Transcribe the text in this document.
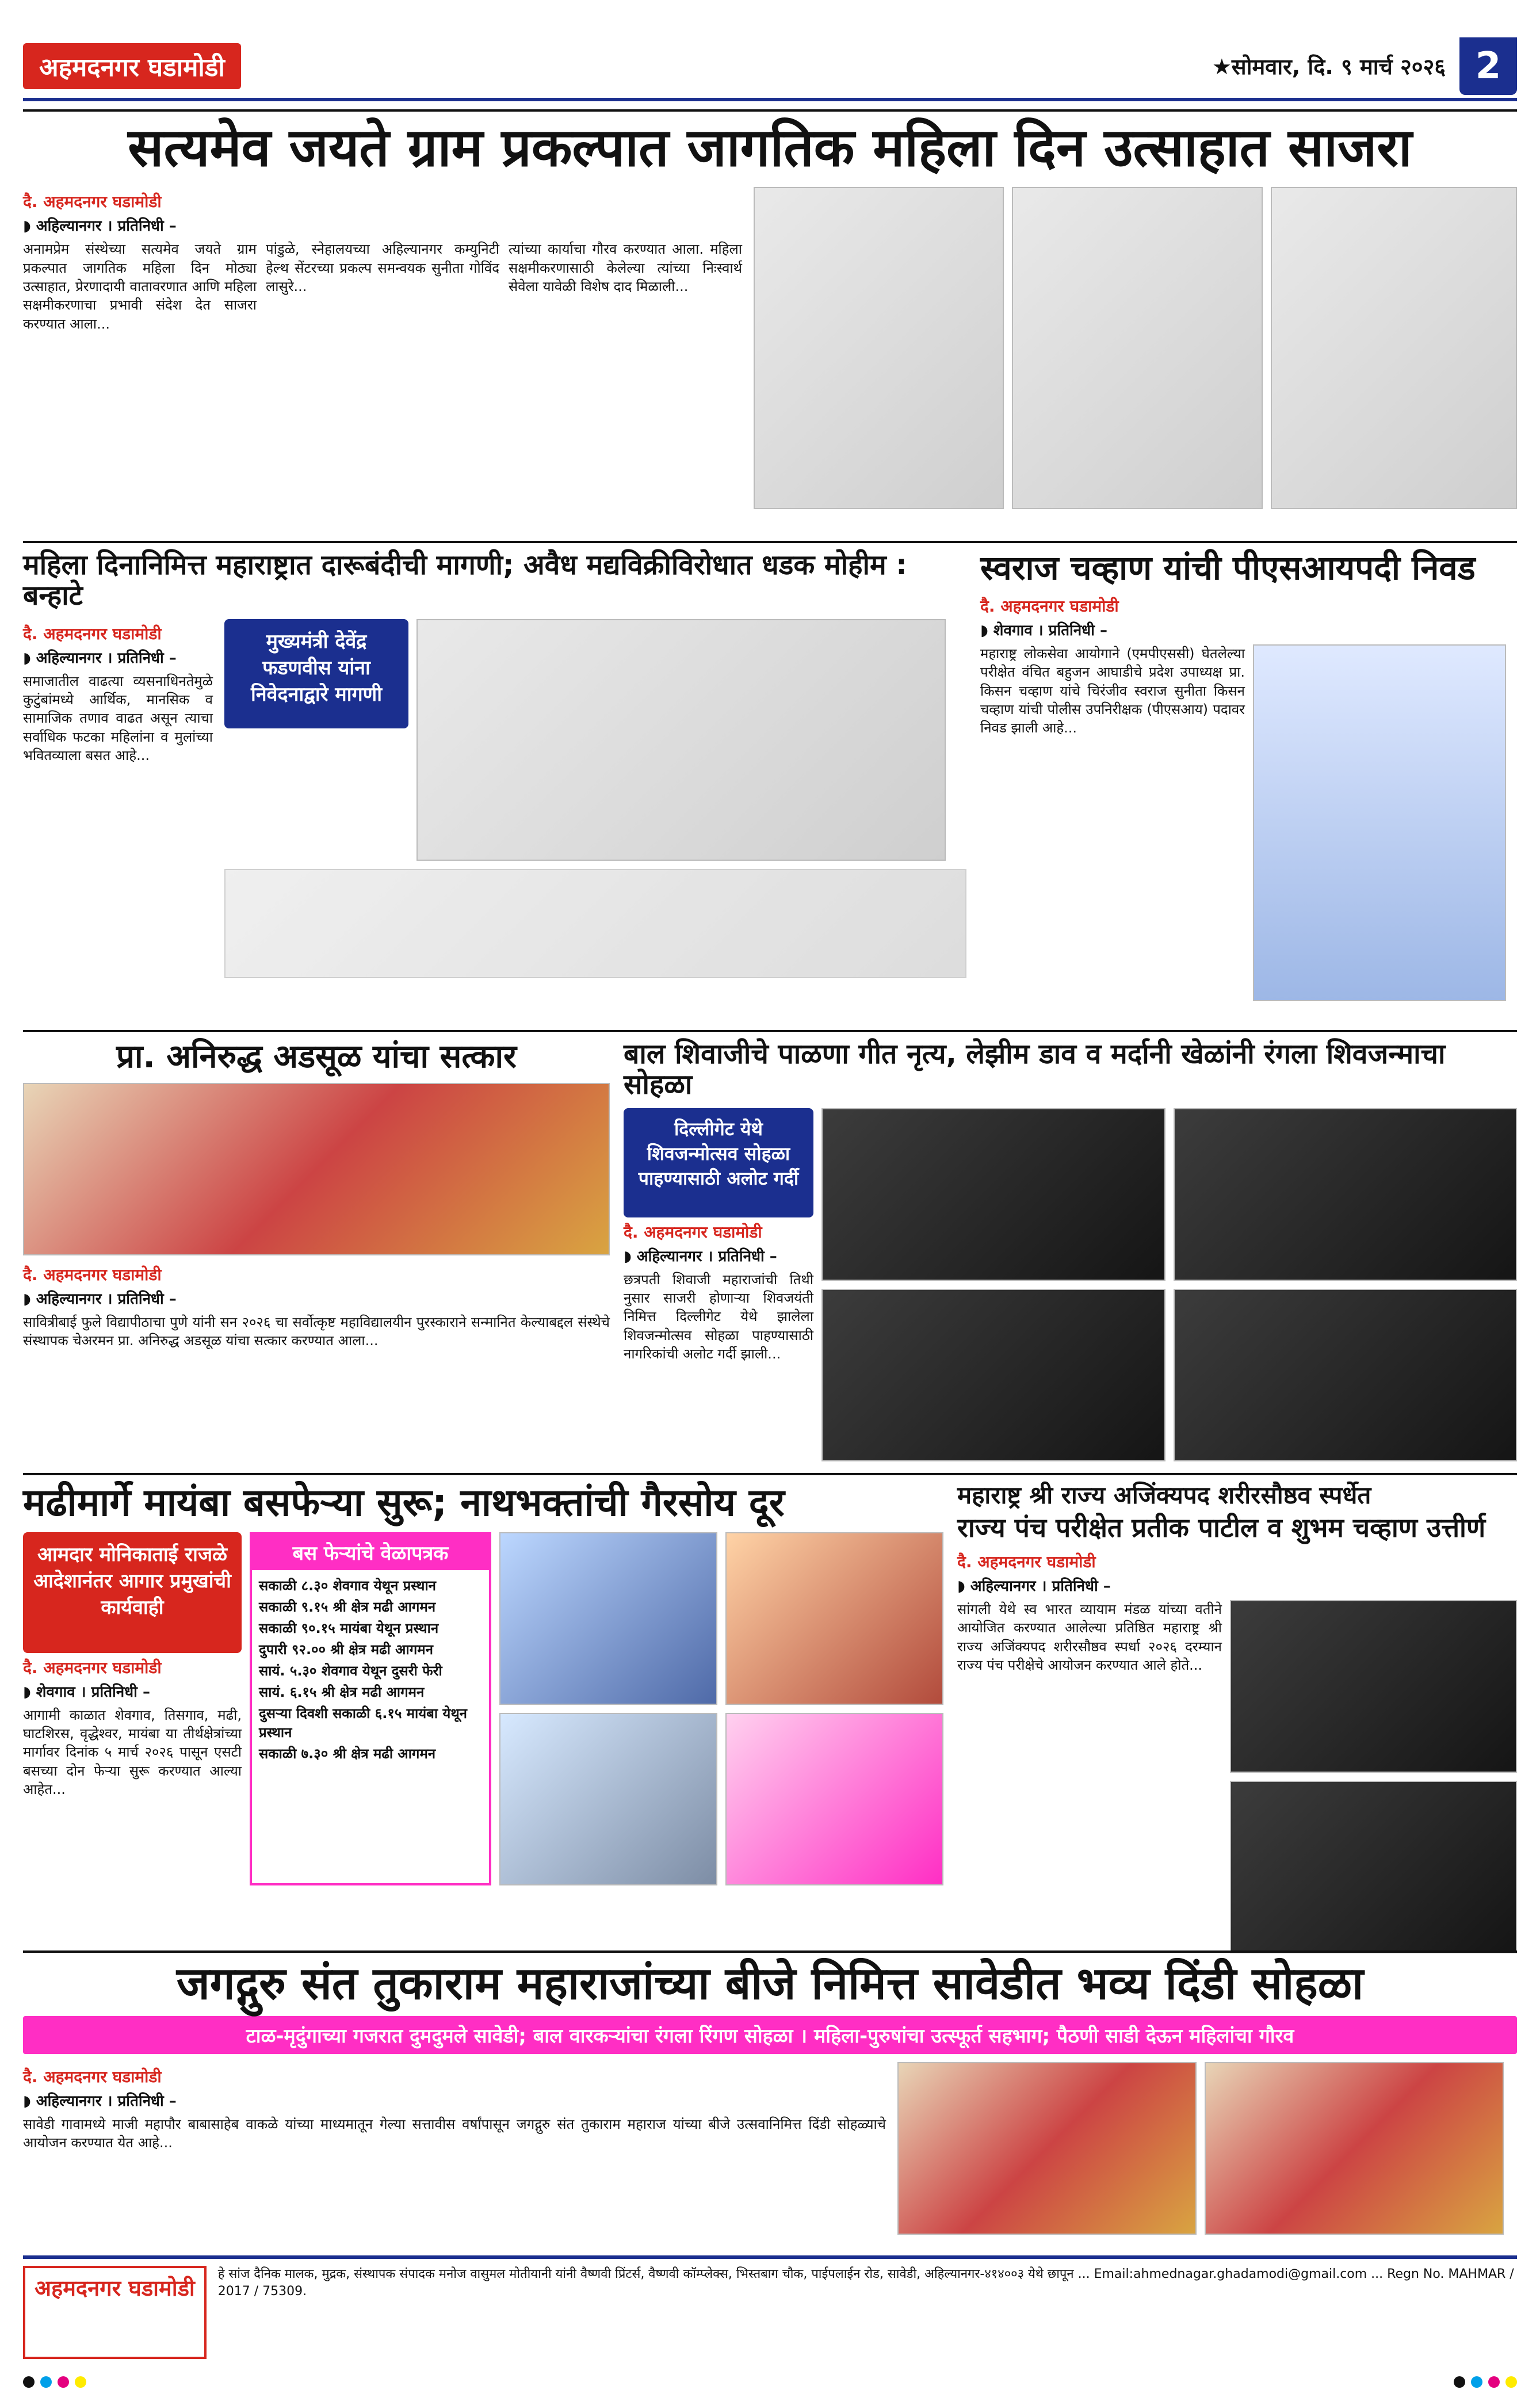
अहमदनगर घडामोडी	★सोमवार, दि. ९ मार्च २०२६ 2
सत्यमेव जयते ग्राम प्रकल्पात जागतिक महिला दिन उत्साहात साजरा
दै. अहमदनगर घडामोडी
◗ अहिल्यानगर । प्रतिनिधी –
अनामप्रेम संस्थेच्या सत्यमेव जयते ग्राम प्रकल्पात जागतिक महिला दिन मोठ्या उत्साहात, प्रेरणादायी वातावरणात आणि महिला सक्षमीकरणाचा प्रभावी संदेश देत साजरा करण्यात आला...
पांडुळे, स्नेहालयच्या अहिल्यानगर कम्युनिटी हेल्थ सेंटरच्या प्रकल्प समन्वयक सुनीता गोविंद लासुरे...
त्यांच्या कार्याचा गौरव करण्यात आला. महिला सक्षमीकरणासाठी केलेल्या त्यांच्या निःस्वार्थ सेवेला यावेळी विशेष दाद मिळाली...
महिला दिनानिमित्त महाराष्ट्रात दारूबंदीची मागणी; अवैध मद्यविक्रीविरोधात धडक मोहीम : बन्हाटे
दै. अहमदनगर घडामोडी
◗ अहिल्यानगर । प्रतिनिधी –
समाजातील वाढत्या व्यसनाधिनतेमुळे कुटुंबांमध्ये आर्थिक, मानसिक व सामाजिक तणाव वाढत असून त्याचा सर्वाधिक फटका महिलांना व मुलांच्या भवितव्याला बसत आहे...
मुख्यमंत्री देवेंद्र फडणवीस यांना निवेदनाद्वारे मागणी
स्वराज चव्हाण यांची पीएसआयपदी निवड
दै. अहमदनगर घडामोडी
◗ शेवगाव । प्रतिनिधी –
महाराष्ट्र लोकसेवा आयोगाने (एमपीएससी) घेतलेल्या परीक्षेत वंचित बहुजन आघाडीचे प्रदेश उपाध्यक्ष प्रा. किसन चव्हाण यांचे चिरंजीव स्वराज सुनीता किसन चव्हाण यांची पोलीस उपनिरीक्षक (पीएसआय) पदावर निवड झाली आहे...
प्रा. अनिरुद्ध अडसूळ यांचा सत्कार
दै. अहमदनगर घडामोडी
◗ अहिल्यानगर । प्रतिनिधी –
सावित्रीबाई फुले विद्यापीठाचा पुणे यांनी सन २०२६ चा सर्वोत्कृष्ट महाविद्यालयीन पुरस्काराने सन्मानित केल्याबद्दल संस्थेचे संस्थापक चेअरमन प्रा. अनिरुद्ध अडसूळ यांचा सत्कार करण्यात आला...
बाल शिवाजीचे पाळणा गीत नृत्य, लेझीम डाव व मर्दानी खेळांनी रंगला शिवजन्माचा सोहळा
दिल्लीगेट येथे शिवजन्मोत्सव सोहळा पाहण्यासाठी अलोट गर्दी
दै. अहमदनगर घडामोडी
◗ अहिल्यानगर । प्रतिनिधी –
छत्रपती शिवाजी महाराजांची तिथी नुसार साजरी होणाऱ्या शिवजयंती निमित्त दिल्लीगेट येथे झालेला शिवजन्मोत्सव सोहळा पाहण्यासाठी नागरिकांची अलोट गर्दी झाली...
मढीमार्गे मायंबा बसफेऱ्या सुरू; नाथभक्तांची गैरसोय दूर
आमदार मोनिकाताई राजळे आदेशानंतर आगार प्रमुखांची कार्यवाही
दै. अहमदनगर घडामोडी
◗ शेवगाव । प्रतिनिधी –
आगामी काळात शेवगाव, तिसगाव, मढी, घाटशिरस, वृद्धेश्वर, मायंबा या तीर्थक्षेत्रांच्या मार्गावर दिनांक ५ मार्च २०२६ पासून एसटी बसच्या दोन फेऱ्या सुरू करण्यात आल्या आहेत...
बस फेऱ्यांचे वेळापत्रक
सकाळी ८.३० शेवगाव येथून प्रस्थान
सकाळी ९.१५ श्री क्षेत्र मढी आगमन
सकाळी ९०.१५ मायंबा येथून प्रस्थान
दुपारी ९२.०० श्री क्षेत्र मढी आगमन
सायं. ५.३० शेवगाव येथून दुसरी फेरी
सायं. ६.१५ श्री क्षेत्र मढी आगमन
दुसऱ्या दिवशी सकाळी ६.१५ मायंबा येथून प्रस्थान
सकाळी ७.३० श्री क्षेत्र मढी आगमन
महाराष्ट्र श्री राज्य अजिंक्यपद शरीरसौष्ठव स्पर्धेत
राज्य पंच परीक्षेत प्रतीक पाटील व शुभम चव्हाण उत्तीर्ण
दै. अहमदनगर घडामोडी
◗ अहिल्यानगर । प्रतिनिधी –
सांगली येथे स्व भारत व्यायाम मंडळ यांच्या वतीने आयोजित करण्यात आलेल्या प्रतिष्ठित महाराष्ट्र श्री राज्य अजिंक्यपद शरीरसौष्ठव स्पर्धा २०२६ दरम्यान राज्य पंच परीक्षेचे आयोजन करण्यात आले होते...
जगद्गुरु संत तुकाराम महाराजांच्या बीजे निमित्त सावेडीत भव्य दिंडी सोहळा
टाळ-मृदुंगाच्या गजरात दुमदुमले सावेडी; बाल वारकऱ्यांचा रंगला रिंगण सोहळा । महिला-पुरुषांचा उत्स्फूर्त सहभाग; पैठणी साडी देऊन महिलांचा गौरव
दै. अहमदनगर घडामोडी
◗ अहिल्यानगर । प्रतिनिधी –
सावेडी गावामध्ये माजी महापौर बाबासाहेब वाकळे यांच्या माध्यमातून गेल्या सत्तावीस वर्षांपासून जगद्गुरु संत तुकाराम महाराज यांच्या बीजे उत्सवानिमित्त दिंडी सोहळ्याचे आयोजन करण्यात येत आहे...
अहमदनगर घडामोडी
हे सांज दैनिक मालक, मुद्रक, संस्थापक संपादक मनोज वासुमल मोतीयानी यांनी वैष्णवी प्रिंटर्स, वैष्णवी कॉम्प्लेक्स, भिस्तबाग चौक, पाईपलाईन रोड, सावेडी, अहिल्यानगर-४१४००३ येथे छापून ... Email:ahmednagar.ghadamodi@gmail.com ... Regn No. MAHMAR / 2017 / 75309.
